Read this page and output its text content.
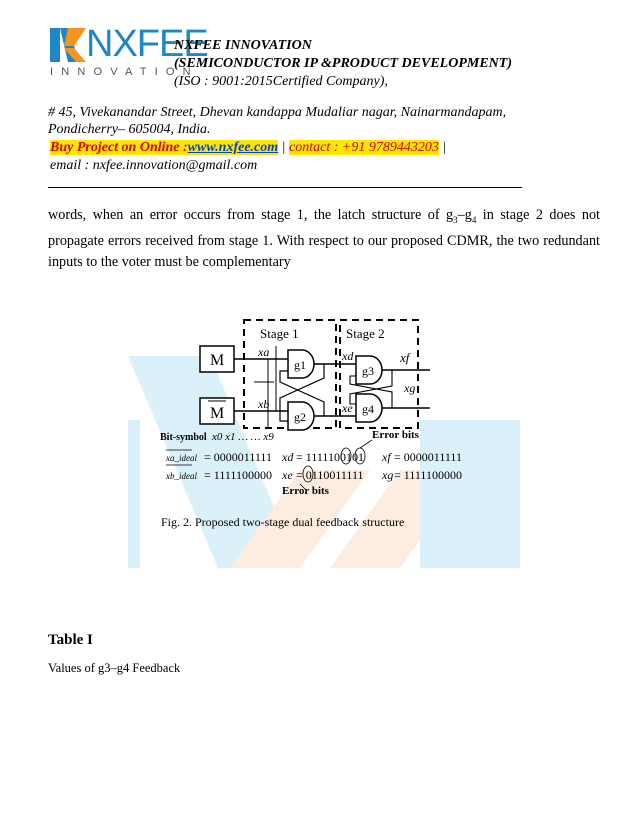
NXFEE
INNOVATION
NXFEE INNOVATION
(SEMICONDUCTOR IP &PRODUCT DEVELOPMENT)
(ISO : 9001:2015Certified Company),
# 45, Vivekanandar Street, Dhevan kandappa Mudaliar nagar, Nainarmandapam,
Pondicherry– 605004, India.
Buy Project on Online :www.nxfee.com | contact : +91 9789443203 |
email : nxfee.innovation@gmail.com
words, when an error occurs from stage 1, the latch structure of $g_3-g_4$ in stage 2 does not propagate errors received from stage 1. With respect to our proposed CDMR, the two redundant inputs to the voter must be complementary
Stage 1	Stage 2
M
M
xa
xb
g1
g2
xd
xe
g3
g4
xf
xg
Bit-symbol x0 x1 … … x9	Error bits
xa_ideal = 0000011111 xd = 1111100101 xf = 0000011111
xb_ideal = 1111100000 xe = 0110011111 xg = 1111100000
Error bits
Fig. 2. Proposed two-stage dual feedback structure
Table I
Values of g3–g4 Feedback
